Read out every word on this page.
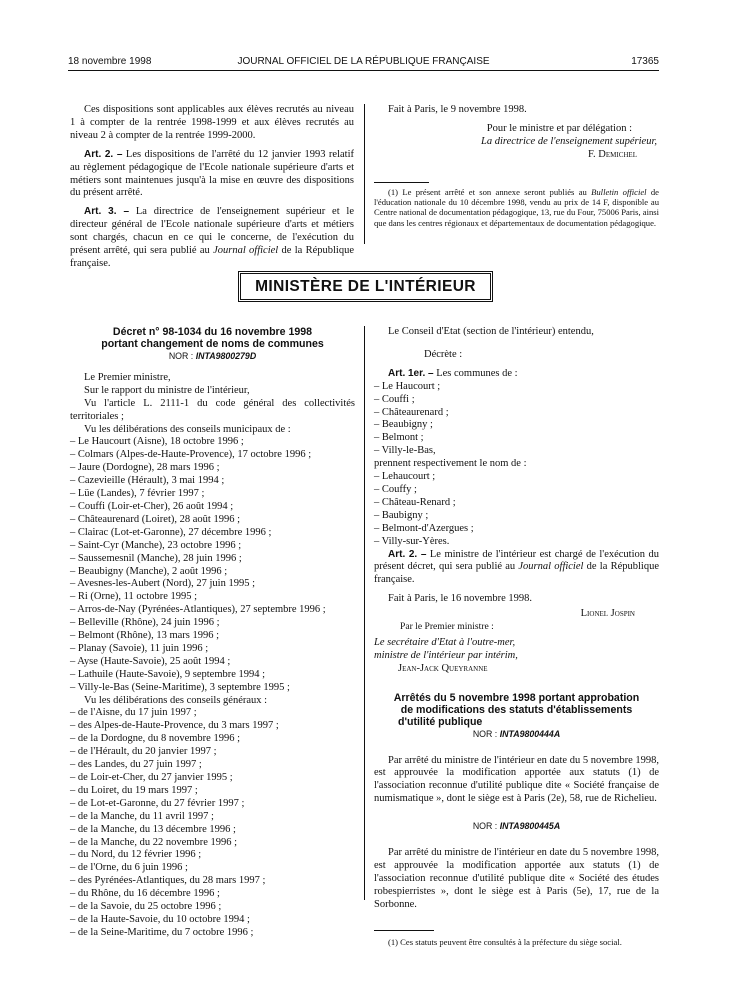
18 novembre 1998	JOURNAL OFFICIEL DE LA RÉPUBLIQUE FRANÇAISE	17365

Ces dispositions sont applicables aux élèves recrutés au niveau 1 à compter de la rentrée 1998-1999 et aux élèves recrutés au niveau 2 à compter de la rentrée 1999-2000.

Art. 2. – Les dispositions de l'arrêté du 12 janvier 1993 relatif au règlement pédagogique de l'Ecole nationale supérieure d'arts et métiers sont maintenues jusqu'à la mise en œuvre des dispositions du présent arrêté.

Art. 3. – La directrice de l'enseignement supérieur et le directeur général de l'Ecole nationale supérieure d'arts et métiers sont chargés, chacun en ce qui le concerne, de l'exécution du présent arrêté, qui sera publié au Journal officiel de la République française.

Fait à Paris, le 9 novembre 1998.

Pour le ministre et par délégation :

La directrice de l'enseignement supérieur,

F. Demichel

(1) Le présent arrêté et son annexe seront publiés au Bulletin officiel de l'éducation nationale du 10 décembre 1998, vendu au prix de 14 F, disponible au Centre national de documentation pédagogique, 13, rue du Four, 75006 Paris, ainsi que dans les centres régionaux et départementaux de documentation pédagogique.

MINISTÈRE DE L'INTÉRIEUR

Décret n° 98-1034 du 16 novembre 1998

portant changement de noms de communes

NOR : INTA9800279D

Le Premier ministre,

Sur le rapport du ministre de l'intérieur,

Vu l'article L. 2111-1 du code général des collectivités territoriales ;

Vu les délibérations des conseils municipaux de :

– Le Haucourt (Aisne), 18 octobre 1996 ;

– Colmars (Alpes-de-Haute-Provence), 17 octobre 1996 ;

– Jaure (Dordogne), 28 mars 1996 ;

– Cazevieille (Hérault), 3 mai 1994 ;

– Lüe (Landes), 7 février 1997 ;

– Couffi (Loir-et-Cher), 26 août 1994 ;

– Châteaurenard (Loiret), 28 août 1996 ;

– Clairac (Lot-et-Garonne), 27 décembre 1996 ;

– Saint-Cyr (Manche), 23 octobre 1996 ;

– Saussemesnil (Manche), 28 juin 1996 ;

– Beaubigny (Manche), 2 août 1996 ;

– Avesnes-les-Aubert (Nord), 27 juin 1995 ;

– Ri (Orne), 11 octobre 1995 ;

– Arros-de-Nay (Pyrénées-Atlantiques), 27 septembre 1996 ;

– Belleville (Rhône), 24 juin 1996 ;

– Belmont (Rhône), 13 mars 1996 ;

– Planay (Savoie), 11 juin 1996 ;

– Ayse (Haute-Savoie), 25 août 1994 ;

– Lathuile (Haute-Savoie), 9 septembre 1994 ;

– Villy-le-Bas (Seine-Maritime), 3 septembre 1995 ;

Vu les délibérations des conseils généraux :

– de l'Aisne, du 17 juin 1997 ;

– des Alpes-de-Haute-Provence, du 3 mars 1997 ;

– de la Dordogne, du 8 novembre 1996 ;

– de l'Hérault, du 20 janvier 1997 ;

– des Landes, du 27 juin 1997 ;

– de Loir-et-Cher, du 27 janvier 1995 ;

– du Loiret, du 19 mars 1997 ;

– de Lot-et-Garonne, du 27 février 1997 ;

– de la Manche, du 11 avril 1997 ;

– de la Manche, du 13 décembre 1996 ;

– de la Manche, du 22 novembre 1996 ;

– du Nord, du 12 février 1996 ;

– de l'Orne, du 6 juin 1996 ;

– des Pyrénées-Atlantiques, du 28 mars 1997 ;

– du Rhône, du 16 décembre 1996 ;

– de la Savoie, du 25 octobre 1996 ;

– de la Haute-Savoie, du 10 octobre 1994 ;

– de la Seine-Maritime, du 7 octobre 1996 ;

Le Conseil d'Etat (section de l'intérieur) entendu,

Décrète :

Art. 1er. – Les communes de :

– Le Haucourt ;

– Couffi ;

– Châteaurenard ;

– Beaubigny ;

– Belmont ;

– Villy-le-Bas,

prennent respectivement le nom de :

– Lehaucourt ;

– Couffy ;

– Château-Renard ;

– Baubigny ;

– Belmont-d'Azergues ;

– Villy-sur-Yères.

Art. 2. – Le ministre de l'intérieur est chargé de l'exécution du présent décret, qui sera publié au Journal officiel de la République française.

Fait à Paris, le 16 novembre 1998.

Lionel Jospin

Par le Premier ministre :

Le secrétaire d'Etat à l'outre-mer,

ministre de l'intérieur par intérim,

Jean-Jack Queyranne

Arrêtés du 5 novembre 1998 portant approbation

de modifications des statuts d'établissements

d'utilité publique

NOR : INTA9800444A

Par arrêté du ministre de l'intérieur en date du 5 novembre 1998, est approuvée la modification apportée aux statuts (1) de l'association reconnue d'utilité publique dite « Société française de numismatique », dont le siège est à Paris (2e), 58, rue de Richelieu.

NOR : INTA9800445A

Par arrêté du ministre de l'intérieur en date du 5 novembre 1998, est approuvée la modification apportée aux statuts (1) de l'association reconnue d'utilité publique dite « Société des études robespierristes », dont le siège est à Paris (5e), 17, rue de la Sorbonne.

(1) Ces statuts peuvent être consultés à la préfecture du siège social.
